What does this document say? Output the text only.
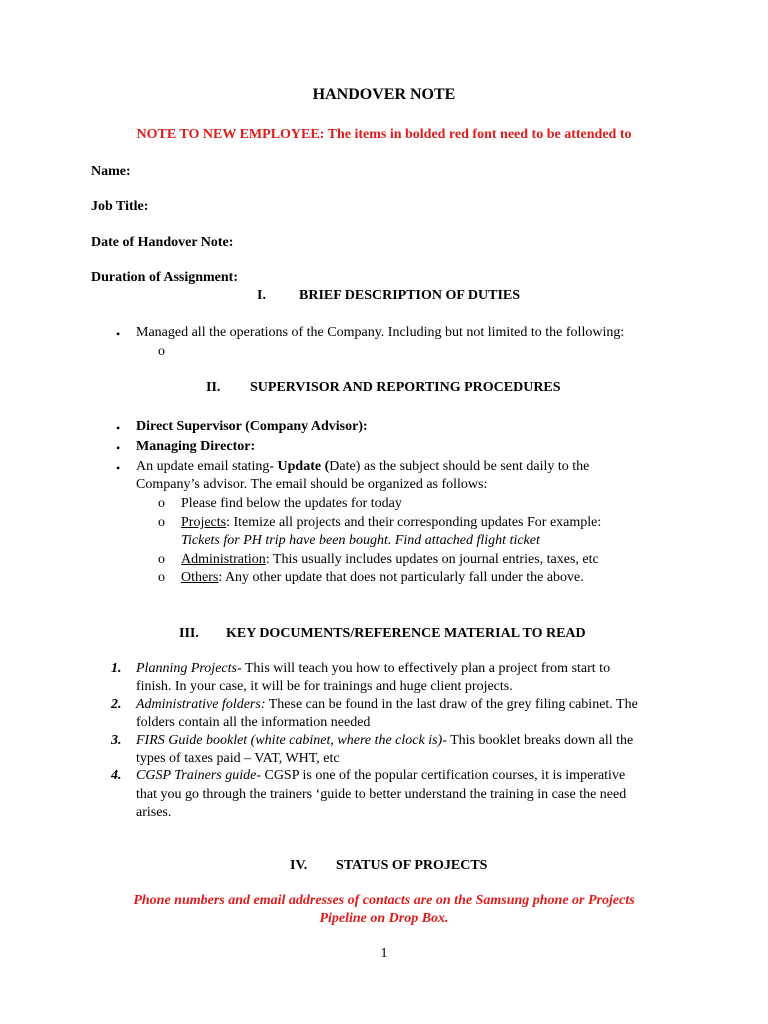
HANDOVER NOTE
NOTE TO NEW EMPLOYEE: The items in bolded red font need to be attended to
Name:
Job Title:
Date of Handover Note:
Duration of Assignment:
I. BRIEF DESCRIPTION OF DUTIES
• Managed all the operations of the Company. Including but not limited to the following:
o
II. SUPERVISOR AND REPORTING PROCEDURES
• Direct Supervisor (Company Advisor):
• Managing Director:
• An update email stating- Update (Date) as the subject should be sent daily to the
Company’s advisor. The email should be organized as follows:
o Please find below the updates for today
o Projects: Itemize all projects and their corresponding updates For example:
Tickets for PH trip have been bought. Find attached flight ticket
o Administration: This usually includes updates on journal entries, taxes, etc
o Others: Any other update that does not particularly fall under the above.
III. KEY DOCUMENTS/REFERENCE MATERIAL TO READ
1. Planning Projects- This will teach you how to effectively plan a project from start to
finish. In your case, it will be for trainings and huge client projects.
2. Administrative folders: These can be found in the last draw of the grey filing cabinet. The
folders contain all the information needed
3. FIRS Guide booklet (white cabinet, where the clock is)- This booklet breaks down all the
types of taxes paid – VAT, WHT, etc
4. CGSP Trainers guide- CGSP is one of the popular certification courses, it is imperative
that you go through the trainers ‘guide to better understand the training in case the need
arises.
IV. STATUS OF PROJECTS
Phone numbers and email addresses of contacts are on the Samsung phone or Projects
Pipeline on Drop Box.
1
